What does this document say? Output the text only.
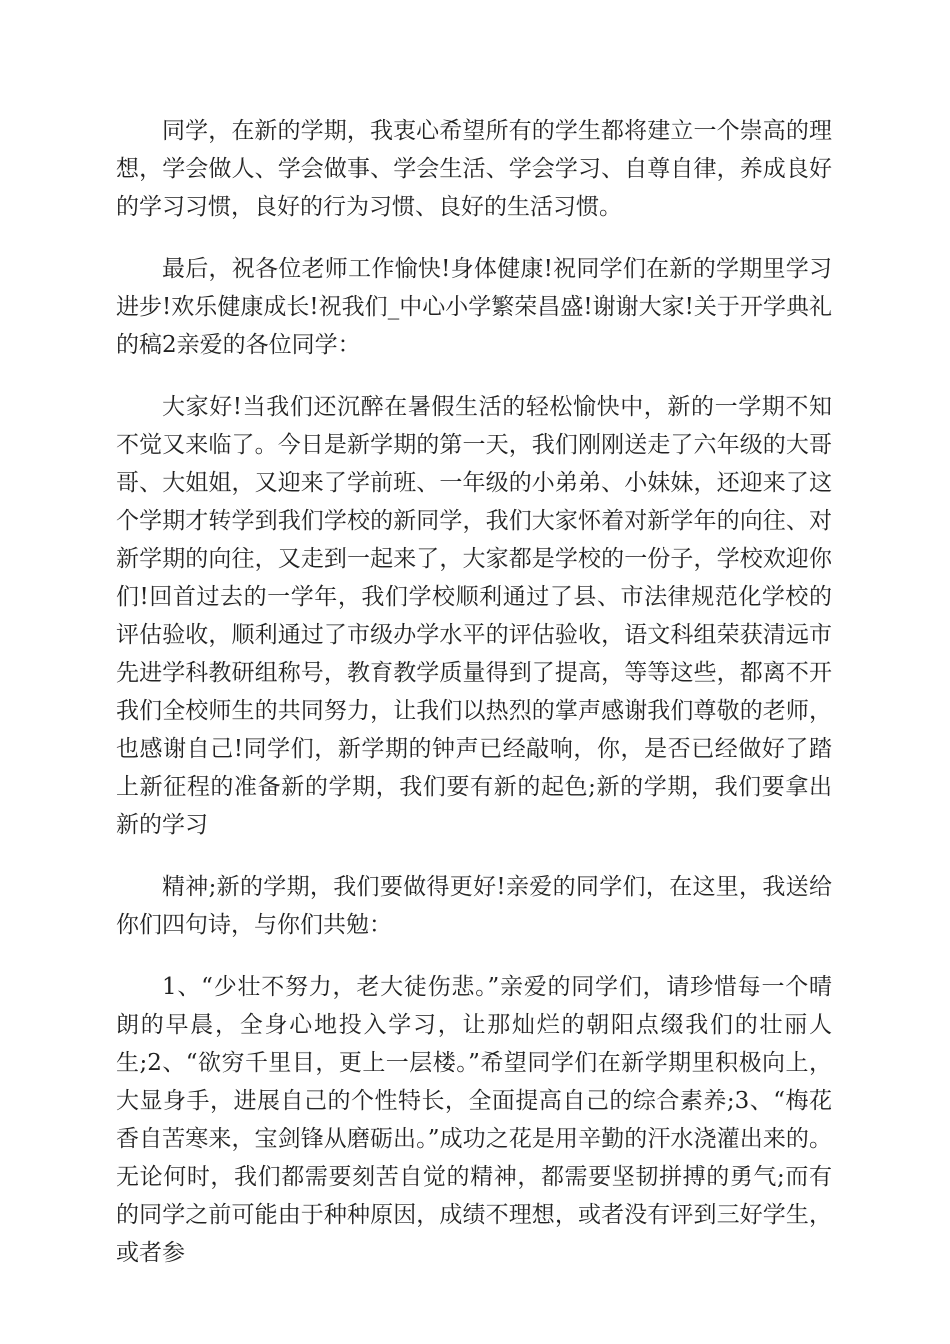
同学，在新的学期，我衷心希望所有的学生都将建立一个崇高的理想，学会做人、学会做事、学会生活、学会学习、自尊自律，养成良好的学习习惯，良好的行为习惯、良好的生活习惯。

最后，祝各位老师工作愉快!身体健康!祝同学们在新的学期里学习进步!欢乐健康成长!祝我们_中心小学繁荣昌盛!谢谢大家!关于开学典礼的稿2亲爱的各位同学：

大家好!当我们还沉醉在暑假生活的轻松愉快中，新的一学期不知不觉又来临了。今日是新学期的第一天，我们刚刚送走了六年级的大哥哥、大姐姐，又迎来了学前班、一年级的小弟弟、小妹妹，还迎来了这个学期才转学到我们学校的新同学，我们大家怀着对新学年的向往、对新学期的向往，又走到一起来了，大家都是学校的一份子，学校欢迎你们!回首过去的一学年，我们学校顺利通过了县、市法律规范化学校的评估验收，顺利通过了市级办学水平的评估验收，语文科组荣获清远市先进学科教研组称号，教育教学质量得到了提高，等等这些，都离不开我们全校师生的共同努力，让我们以热烈的掌声感谢我们尊敬的老师，也感谢自己!同学们，新学期的钟声已经敲响，你，是否已经做好了踏上新征程的准备新的学期，我们要有新的起色;新的学期，我们要拿出新的学习

精神;新的学期，我们要做得更好!亲爱的同学们，在这里，我送给你们四句诗，与你们共勉：

1、“少壮不努力，老大徒伤悲。”亲爱的同学们，请珍惜每一个晴朗的早晨，全身心地投入学习，让那灿烂的朝阳点缀我们的壮丽人生;2、“欲穷千里目，更上一层楼。”希望同学们在新学期里积极向上，大显身手，进展自己的个性特长，全面提高自己的综合素养;3、“梅花香自苦寒来，宝剑锋从磨砺出。”成功之花是用辛勤的汗水浇灌出来的。无论何时，我们都需要刻苦自觉的精神，都需要坚韧拼搏的勇气;而有的同学之前可能由于种种原因，成绩不理想，或者没有评到三好学生，或者参
